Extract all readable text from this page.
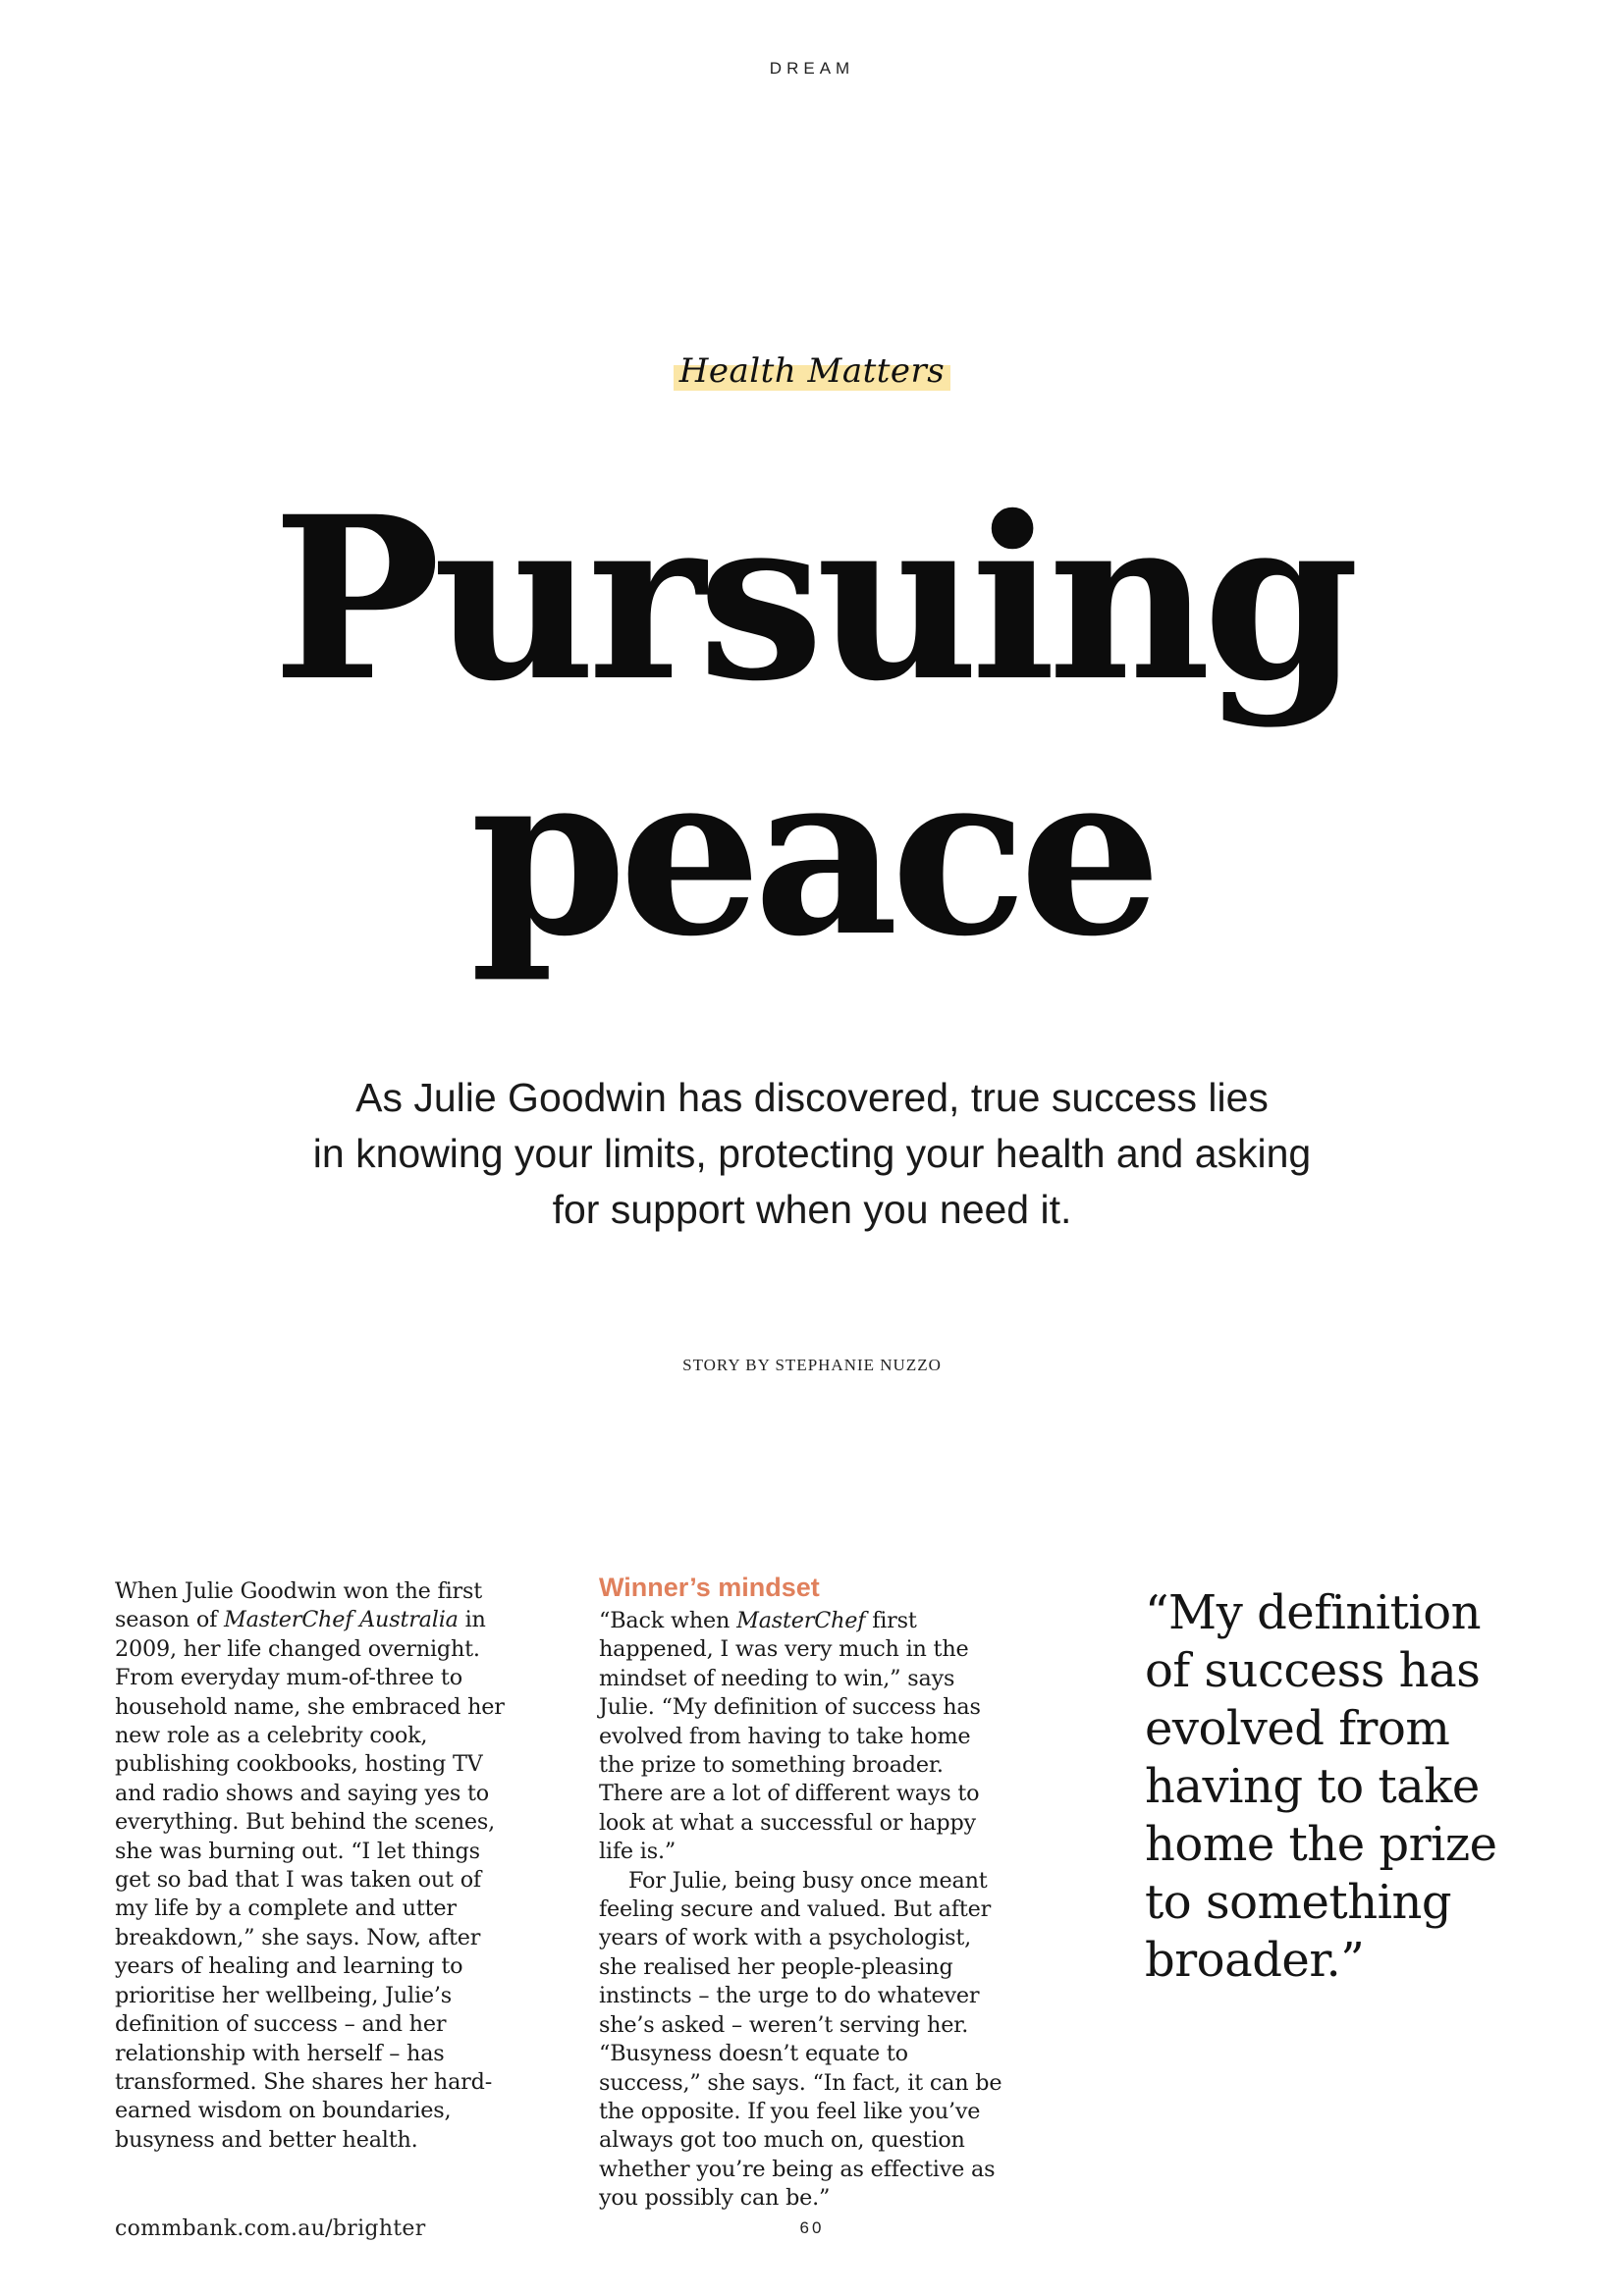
DREAM
Health Matters
Pursuing
peace
As Julie Goodwin has discovered, true success lies
in knowing your limits, protecting your health and asking
for support when you need it.
STORY BY STEPHANIE NUZZO
When Julie Goodwin won the first season of MasterChef Australia in 2009, her life changed overnight. From everyday mum-of-three to household name, she embraced her new role as a celebrity cook, publishing cookbooks, hosting TV and radio shows and saying yes to everything. But behind the scenes, she was burning out. “I let things get so bad that I was taken out of my life by a complete and utter breakdown,” she says. Now, after years of healing and learning to prioritise her wellbeing, Julie’s definition of success – and her relationship with herself – has transformed. She shares her hard-earned wisdom on boundaries, busyness and better health.
Winner’s mindset
“Back when MasterChef first happened, I was very much in the mindset of needing to win,” says Julie. “My definition of success has evolved from having to take home the prize to something broader. There are a lot of different ways to look at what a successful or happy life is.”
For Julie, being busy once meant feeling secure and valued. But after years of work with a psychologist, she realised her people-pleasing instincts – the urge to do whatever she’s asked – weren’t serving her. “Busyness doesn’t equate to success,” she says. “In fact, it can be the opposite. If you feel like you’ve always got too much on, question whether you’re being as effective as you possibly can be.”
“My definition of success has evolved from having to take home the prize to something broader.”
commbank.com.au/brighter	60
